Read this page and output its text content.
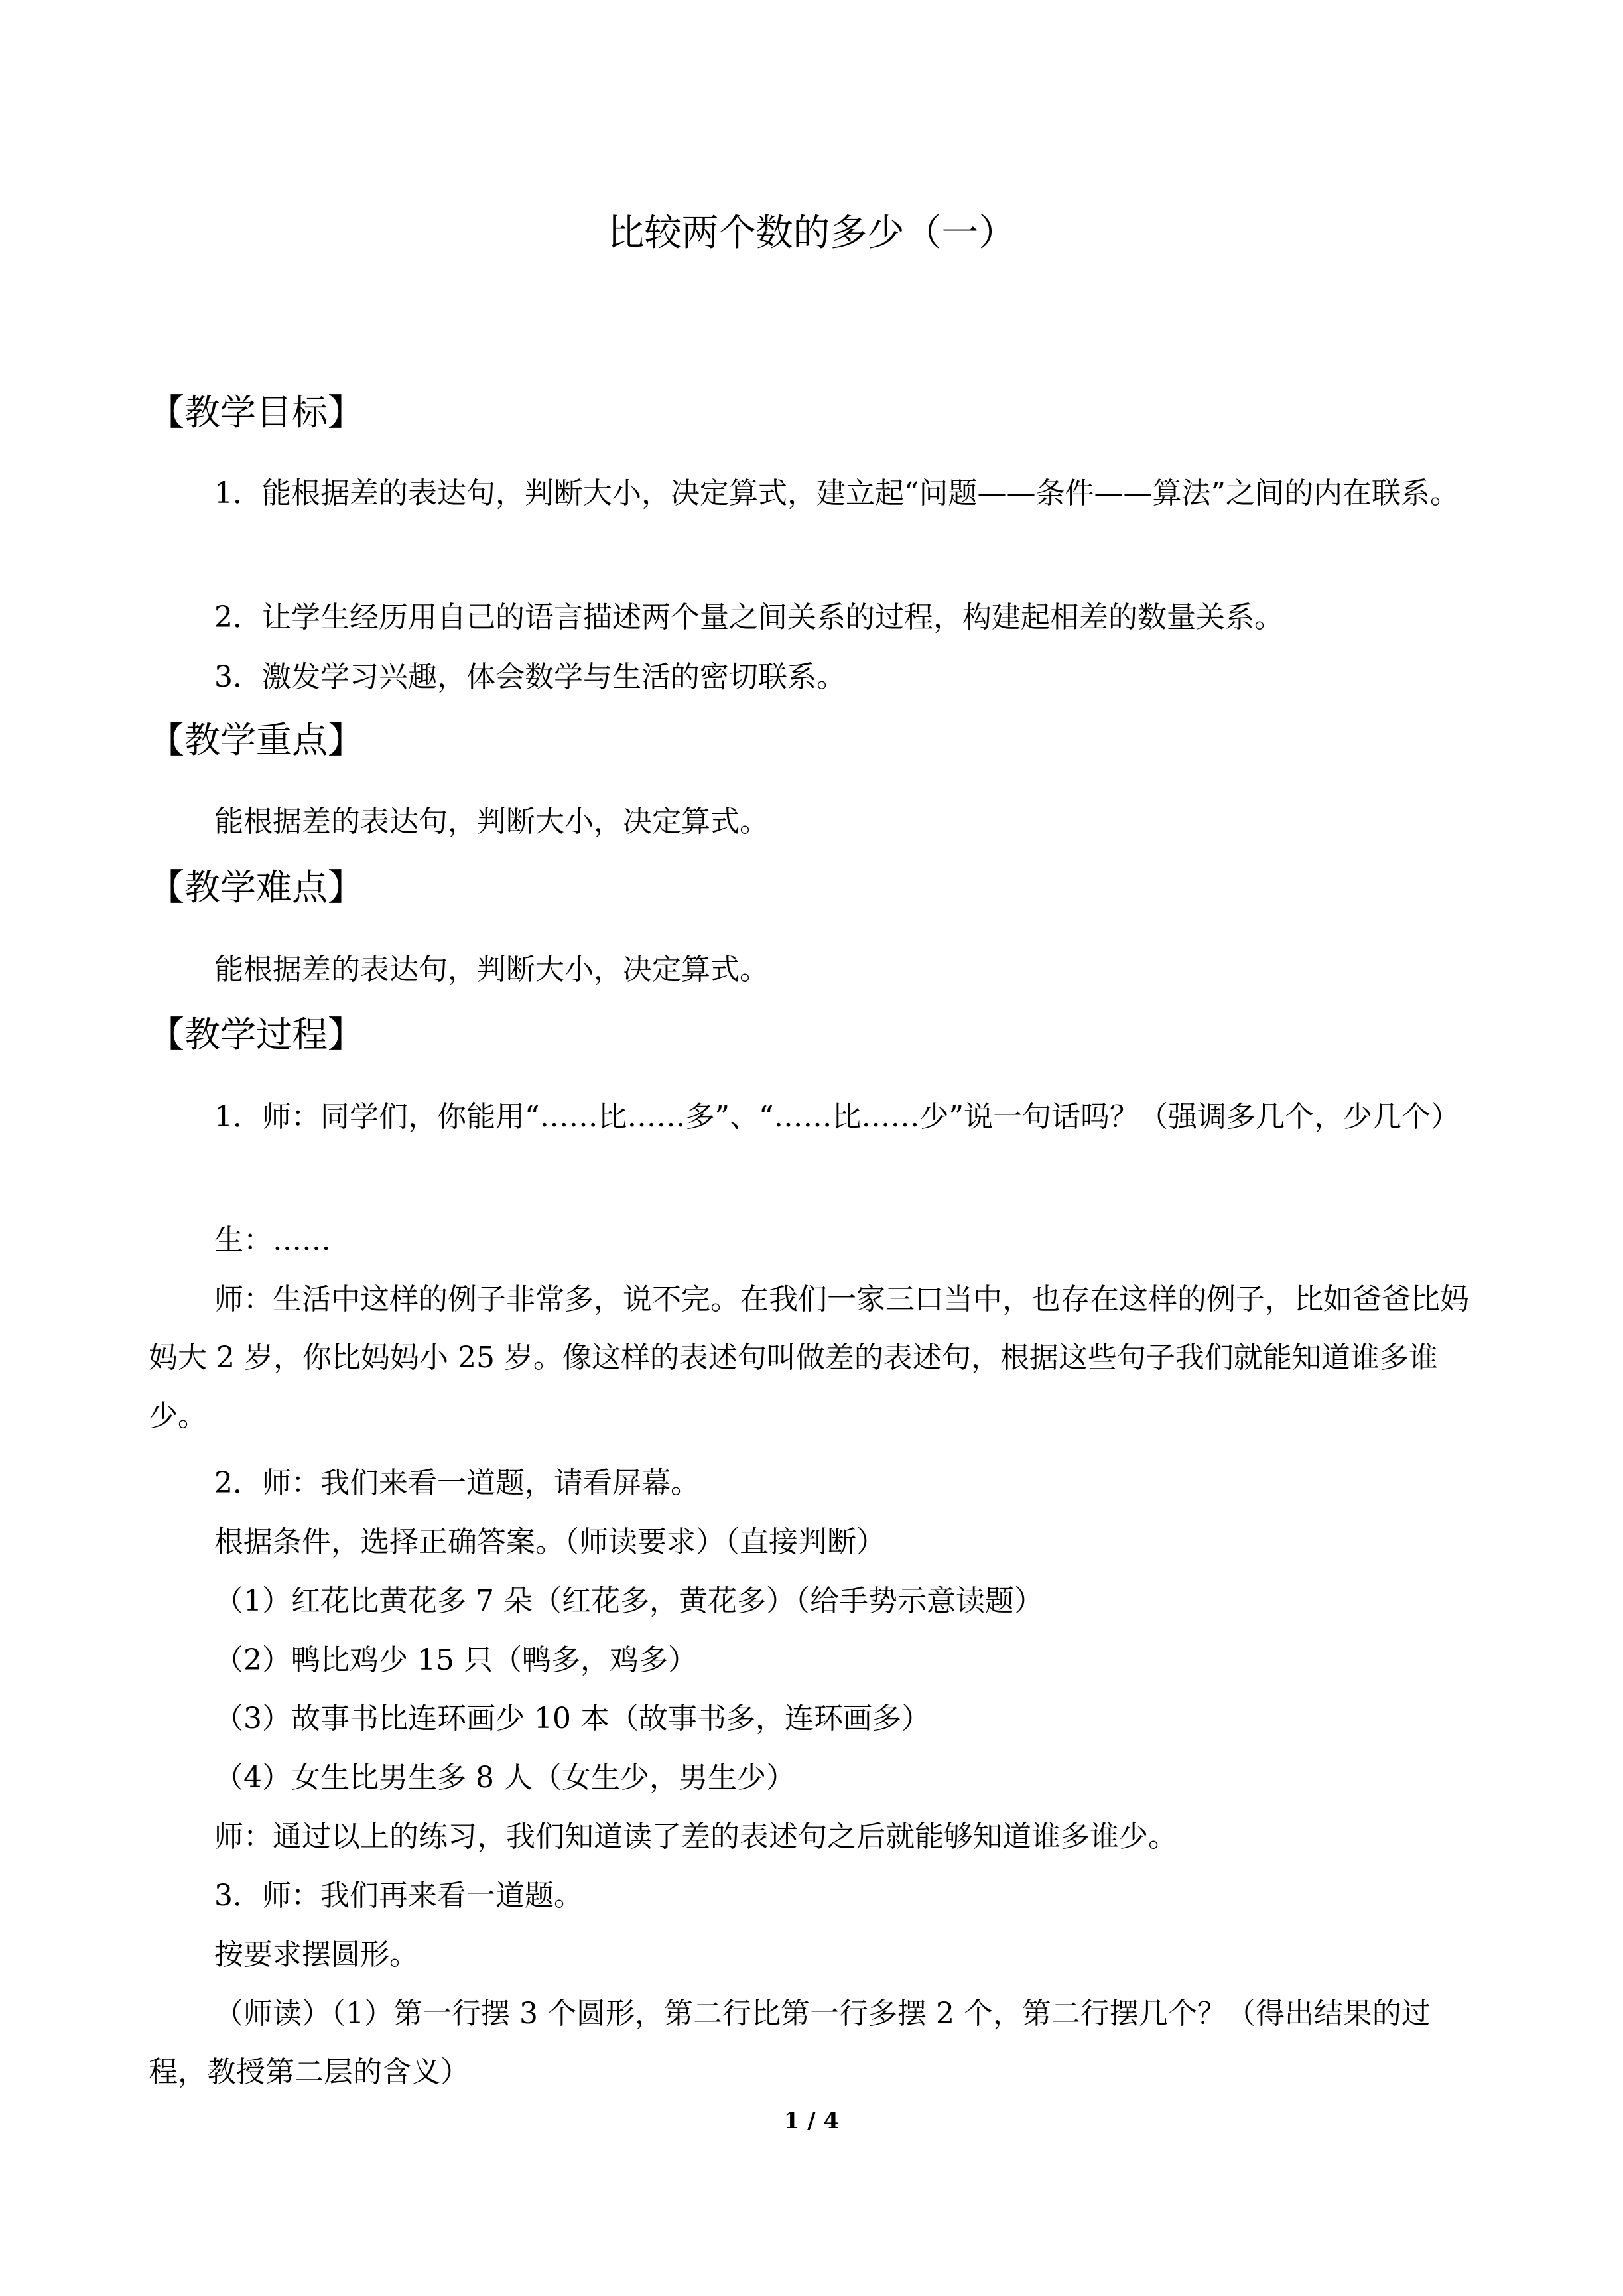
比较两个数的多少（一）
【教学目标】

1．能根据差的表达句，判断大小，决定算式，建立起“问题——条件——算法”之间的内在联系。

2．让学生经历用自己的语言描述两个量之间关系的过程，构建起相差的数量关系。

3．激发学习兴趣，体会数学与生活的密切联系。

【教学重点】

能根据差的表达句，判断大小，决定算式。

【教学难点】

能根据差的表达句，判断大小，决定算式。

【教学过程】

1．师：同学们，你能用“……比……多”、“……比……少”说一句话吗？（强调多几个，少几个）

生：……

师：生活中这样的例子非常多，说不完。在我们一家三口当中，也存在这样的例子，比如爸爸比妈妈大 2 岁，你比妈妈小 25 岁。像这样的表述句叫做差的表述句，根据这些句子我们就能知道谁多谁少。

2．师：我们来看一道题，请看屏幕。

根据条件，选择正确答案。（师读要求）（直接判断）

（1）红花比黄花多 7 朵（红花多，黄花多）（给手势示意读题）

（2）鸭比鸡少 15 只（鸭多，鸡多）

（3）故事书比连环画少 10 本（故事书多，连环画多）

（4）女生比男生多 8 人（女生少，男生少）

师：通过以上的练习，我们知道读了差的表述句之后就能够知道谁多谁少。

3．师：我们再来看一道题。

按要求摆圆形。

（师读）（1）第一行摆 3 个圆形，第二行比第一行多摆 2 个，第二行摆几个？（得出结果的过程，教授第二层的含义）

1 / 4
